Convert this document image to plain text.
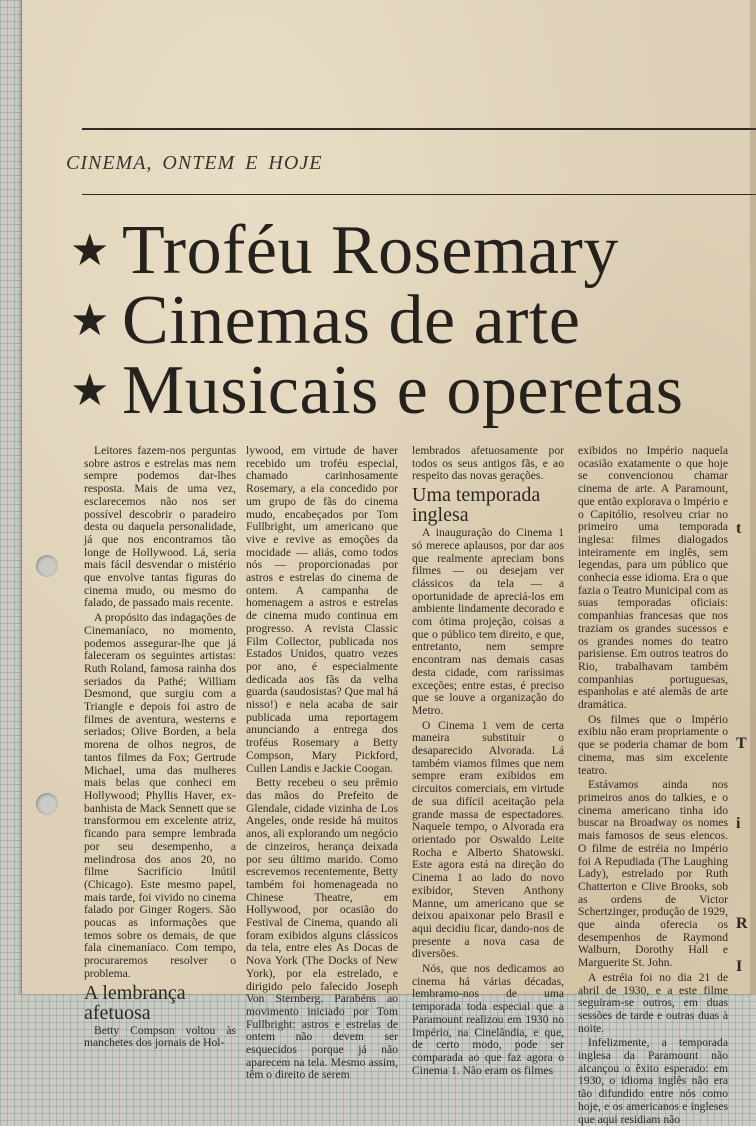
CINEMA, ONTEM E HOJE
★ Troféu Rosemary
★ Cinemas de arte
★ Musicais e operetas

Leitores fazem-nos perguntas sobre astros e estrelas mas nem sempre podemos dar-lhes resposta. Mais de uma vez, esclarecemos não nos ser possível descobrir o paradeiro desta ou daquela personalidade, já que nos encontramos tão longe de Hollywood. Lá, seria mais fácil desvendar o mistério que envolve tantas figuras do cinema mudo, ou mesmo do falado, de passado mais recente.

A propósito das indagações de Cinemaníaco, no momento, podemos assegurar-lhe que já faleceram os seguintes artistas: Ruth Roland, famosa rainha dos seriados da Pathé; William Desmond, que surgiu com a Triangle e depois foi astro de filmes de aventura, westerns e seriados; Olive Borden, a bela morena de olhos negros, de tantos filmes da Fox; Gertrude Michael, uma das mulheres mais belas que conheci em Hollywood; Phyllis Haver, ex-banhista de Mack Sennett que se transformou em excelente atriz, ficando para sempre lembrada por seu desempenho, a melindrosa dos anos 20, no filme Sacrifício Inútil (Chicago). Este mesmo papel, mais tarde, foi vivido no cinema falado por Ginger Rogers. São poucas as informações que temos sobre os demais, de que fala cinemaníaco. Com tempo, procuraremos resolver o problema.

A lembrança afetuosa

Betty Compson voltou às manchetes dos jornais de Hol-

lywood, em virtude de haver recebido um troféu especial, chamado carinhosamente Rosemary, a ela concedido por um grupo de fãs do cinema mudo, encabeçados por Tom Fullbright, um americano que vive e revive as emoções da mocidade — aliás, como todos nós — proporcionadas por astros e estrelas do cinema de ontem. A campanha de homenagem a astros e estrelas de cinema mudo continua em progresso. A revista Classic Film Collector, publicada nos Estados Unidos, quatro vezes por ano, é especialmente dedicada aos fãs da velha guarda (saudosistas? Que mal há nisso!) e nela acaba de sair publicada uma reportagem anunciando a entrega dos troféus Rosemary a Betty Compson, Mary Pickford, Cullen Landis e Jackie Coogan.

Betty recebeu o seu prêmio das mãos do Prefeito de Glendale, cidade vizinha de Los Angeles, onde reside há muitos anos, ali explorando um negócio de cinzeiros, herança deixada por seu último marido. Como escrevemos recentemente, Betty também foi homenageada no Chinese Theatre, em Hollywood, por ocasião do Festival de Cinema, quando ali foram exibidos alguns clássicos da tela, entre eles As Docas de Nova York (The Docks of New York), por ela estrelado, e dirigido pelo falecido Joseph Von Sternberg. Parabéns ao movimento iniciado por Tom Fullbright: astros e estrelas de ontem não devem ser esquecidos porque já não aparecem na tela. Mesmo assim, têm o direito de serem

lembrados afetuosamente por todos os seus antigos fãs, e ao respeito das novas gerações.

Uma temporada inglesa

A inauguração do Cinema 1 só merece aplausos, por dar aos que realmente apreciam bons filmes — ou desejam ver clássicos da tela — a oportunidade de apreciá-los em ambiente lindamente decorado e com ótima projeção, coisas a que o público tem direito, e que, entretanto, nem sempre encontram nas demais casas desta cidade, com raríssimas exceções; entre estas, é preciso que se louve a organização do Metro.

O Cinema 1 vem de certa maneira substituir o desaparecido Alvorada. Lá também viamos filmes que nem sempre eram exibidos em circuitos comerciais, em virtude de sua difícil aceitação pela grande massa de espectadores. Naquele tempo, o Alvorada era orientado por Oswaldo Leite Rocha e Alberto Shatowski. Este agora está na direção do Cinema 1 ao lado do novo exibidor, Steven Anthony Manne, um americano que se deixou apaixonar pelo Brasil e aqui decidiu ficar, dando-nos de presente a nova casa de diversões.

Nós, que nos dedicamos ao cinema há várias décadas, lembramo-nos de uma temporada toda especial que a Paramount realizou em 1930 no Império, na Cinelândia, e que, de certo modo, pode ser comparada ao que faz agora o Cinema 1. Não eram os filmes

exibidos no Império naquela ocasião exatamente o que hoje se convencionou chamar cinema de arte. A Paramount, que então explorava o Império e o Capitólio, resolveu criar no primeiro uma temporada inglesa: filmes dialogados inteiramente em inglês, sem legendas, para um público que conhecia esse idioma. Era o que fazia o Teatro Municipal com as suas temporadas oficiais: companhias francesas que nos traziam os grandes sucessos e os grandes nomes do teatro parisiense. Em outros teatros do Rio, trabalhavam também companhias portuguesas, espanholas e até alemãs de arte dramática.

Os filmes que o Império exibiu não eram propriamente o que se poderia chamar de bom cinema, mas sim excelente teatro.

Estávamos ainda nos primeiros anos do talkies, e o cinema americano tinha ido buscar na Broadway os nomes mais famosos de seus elencos. O filme de estréia no Império foi A Repudiada (The Laughing Lady), estrelado por Ruth Chatterton e Clive Brooks, sob as ordens de Victor Schertzinger, produção de 1929, que ainda oferecia os desempenhos de Raymond Walburn, Dorothy Hall e Marguerite St. John.

A estréia foi no dia 21 de abril de 1930, e a este filme seguiram-se outros, em duas sessões de tarde e outras duas à noite.

Infelizmente, a temporada inglesa da Paramount não alcançou o êxito esperado: em 1930, o idioma inglês não era tão difundido entre nós como hoje, e os americanos e ingleses que aqui residiam não

t
T
i
R
I
